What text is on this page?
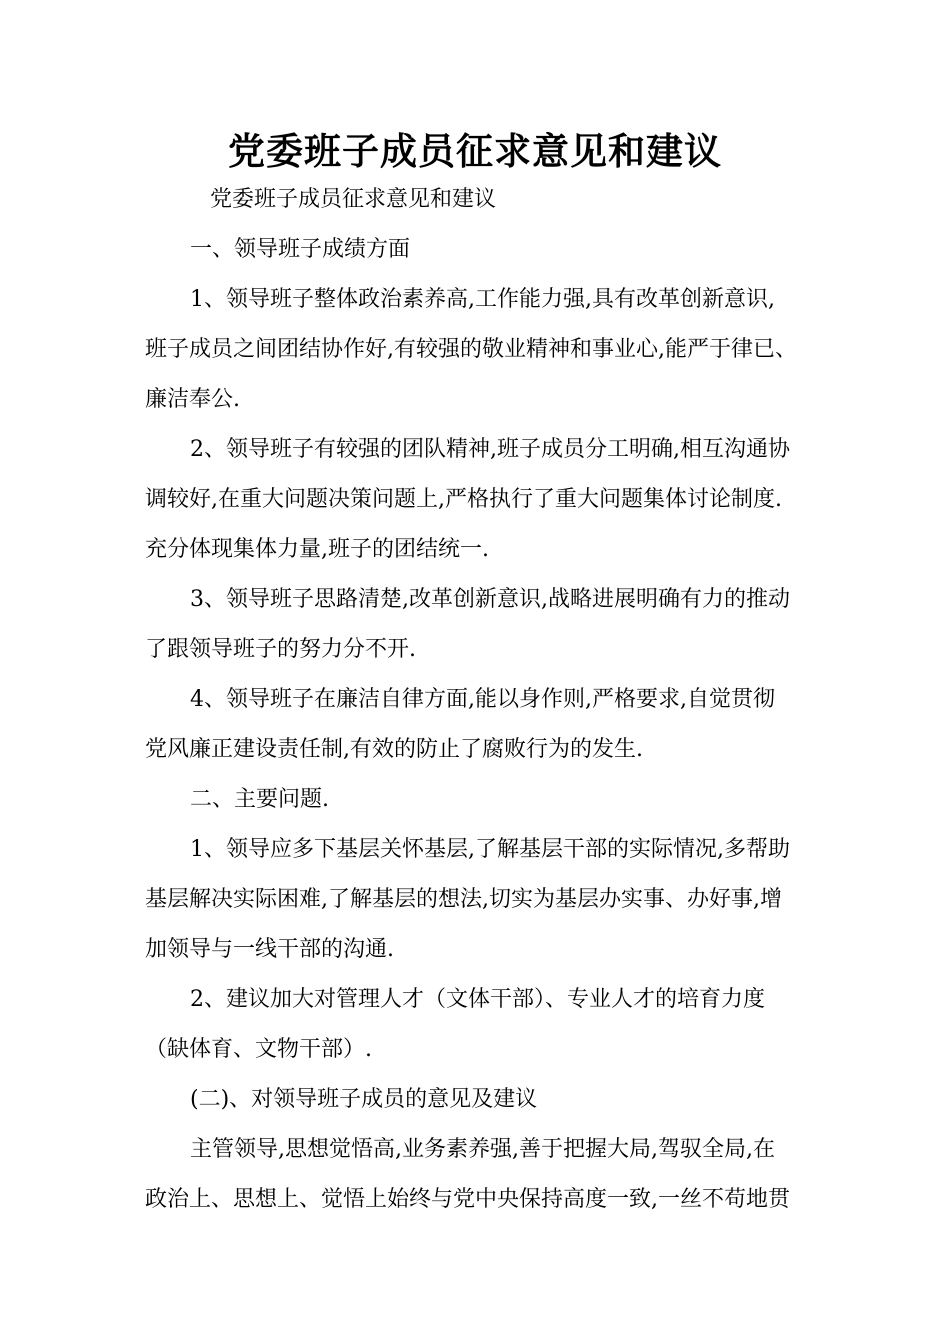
党委班子成员征求意见和建议
党委班子成员征求意见和建议
一、领导班子成绩方面
1、领导班子整体政治素养高,工作能力强,具有改革创新意识,
班子成员之间团结协作好,有较强的敬业精神和事业心,能严于律已、
廉洁奉公.
2、领导班子有较强的团队精神,班子成员分工明确,相互沟通协
调较好,在重大问题决策问题上,严格执行了重大问题集体讨论制度.
充分体现集体力量,班子的团结统一.
3、领导班子思路清楚,改革创新意识,战略进展明确有力的推动
了跟领导班子的努力分不开.
4、领导班子在廉洁自律方面,能以身作则,严格要求,自觉贯彻
党风廉正建设责任制,有效的防止了腐败行为的发生.
二、主要问题.
1、领导应多下基层关怀基层,了解基层干部的实际情况,多帮助
基层解决实际困难,了解基层的想法,切实为基层办实事、办好事,增
加领导与一线干部的沟通.
2、建议加大对管理人才（文体干部）、专业人才的培育力度
（缺体育、文物干部）.
(二)、对领导班子成员的意见及建议
主管领导,思想觉悟高,业务素养强,善于把握大局,驾驭全局,在
政治上、思想上、觉悟上始终与党中央保持高度一致,一丝不苟地贯
